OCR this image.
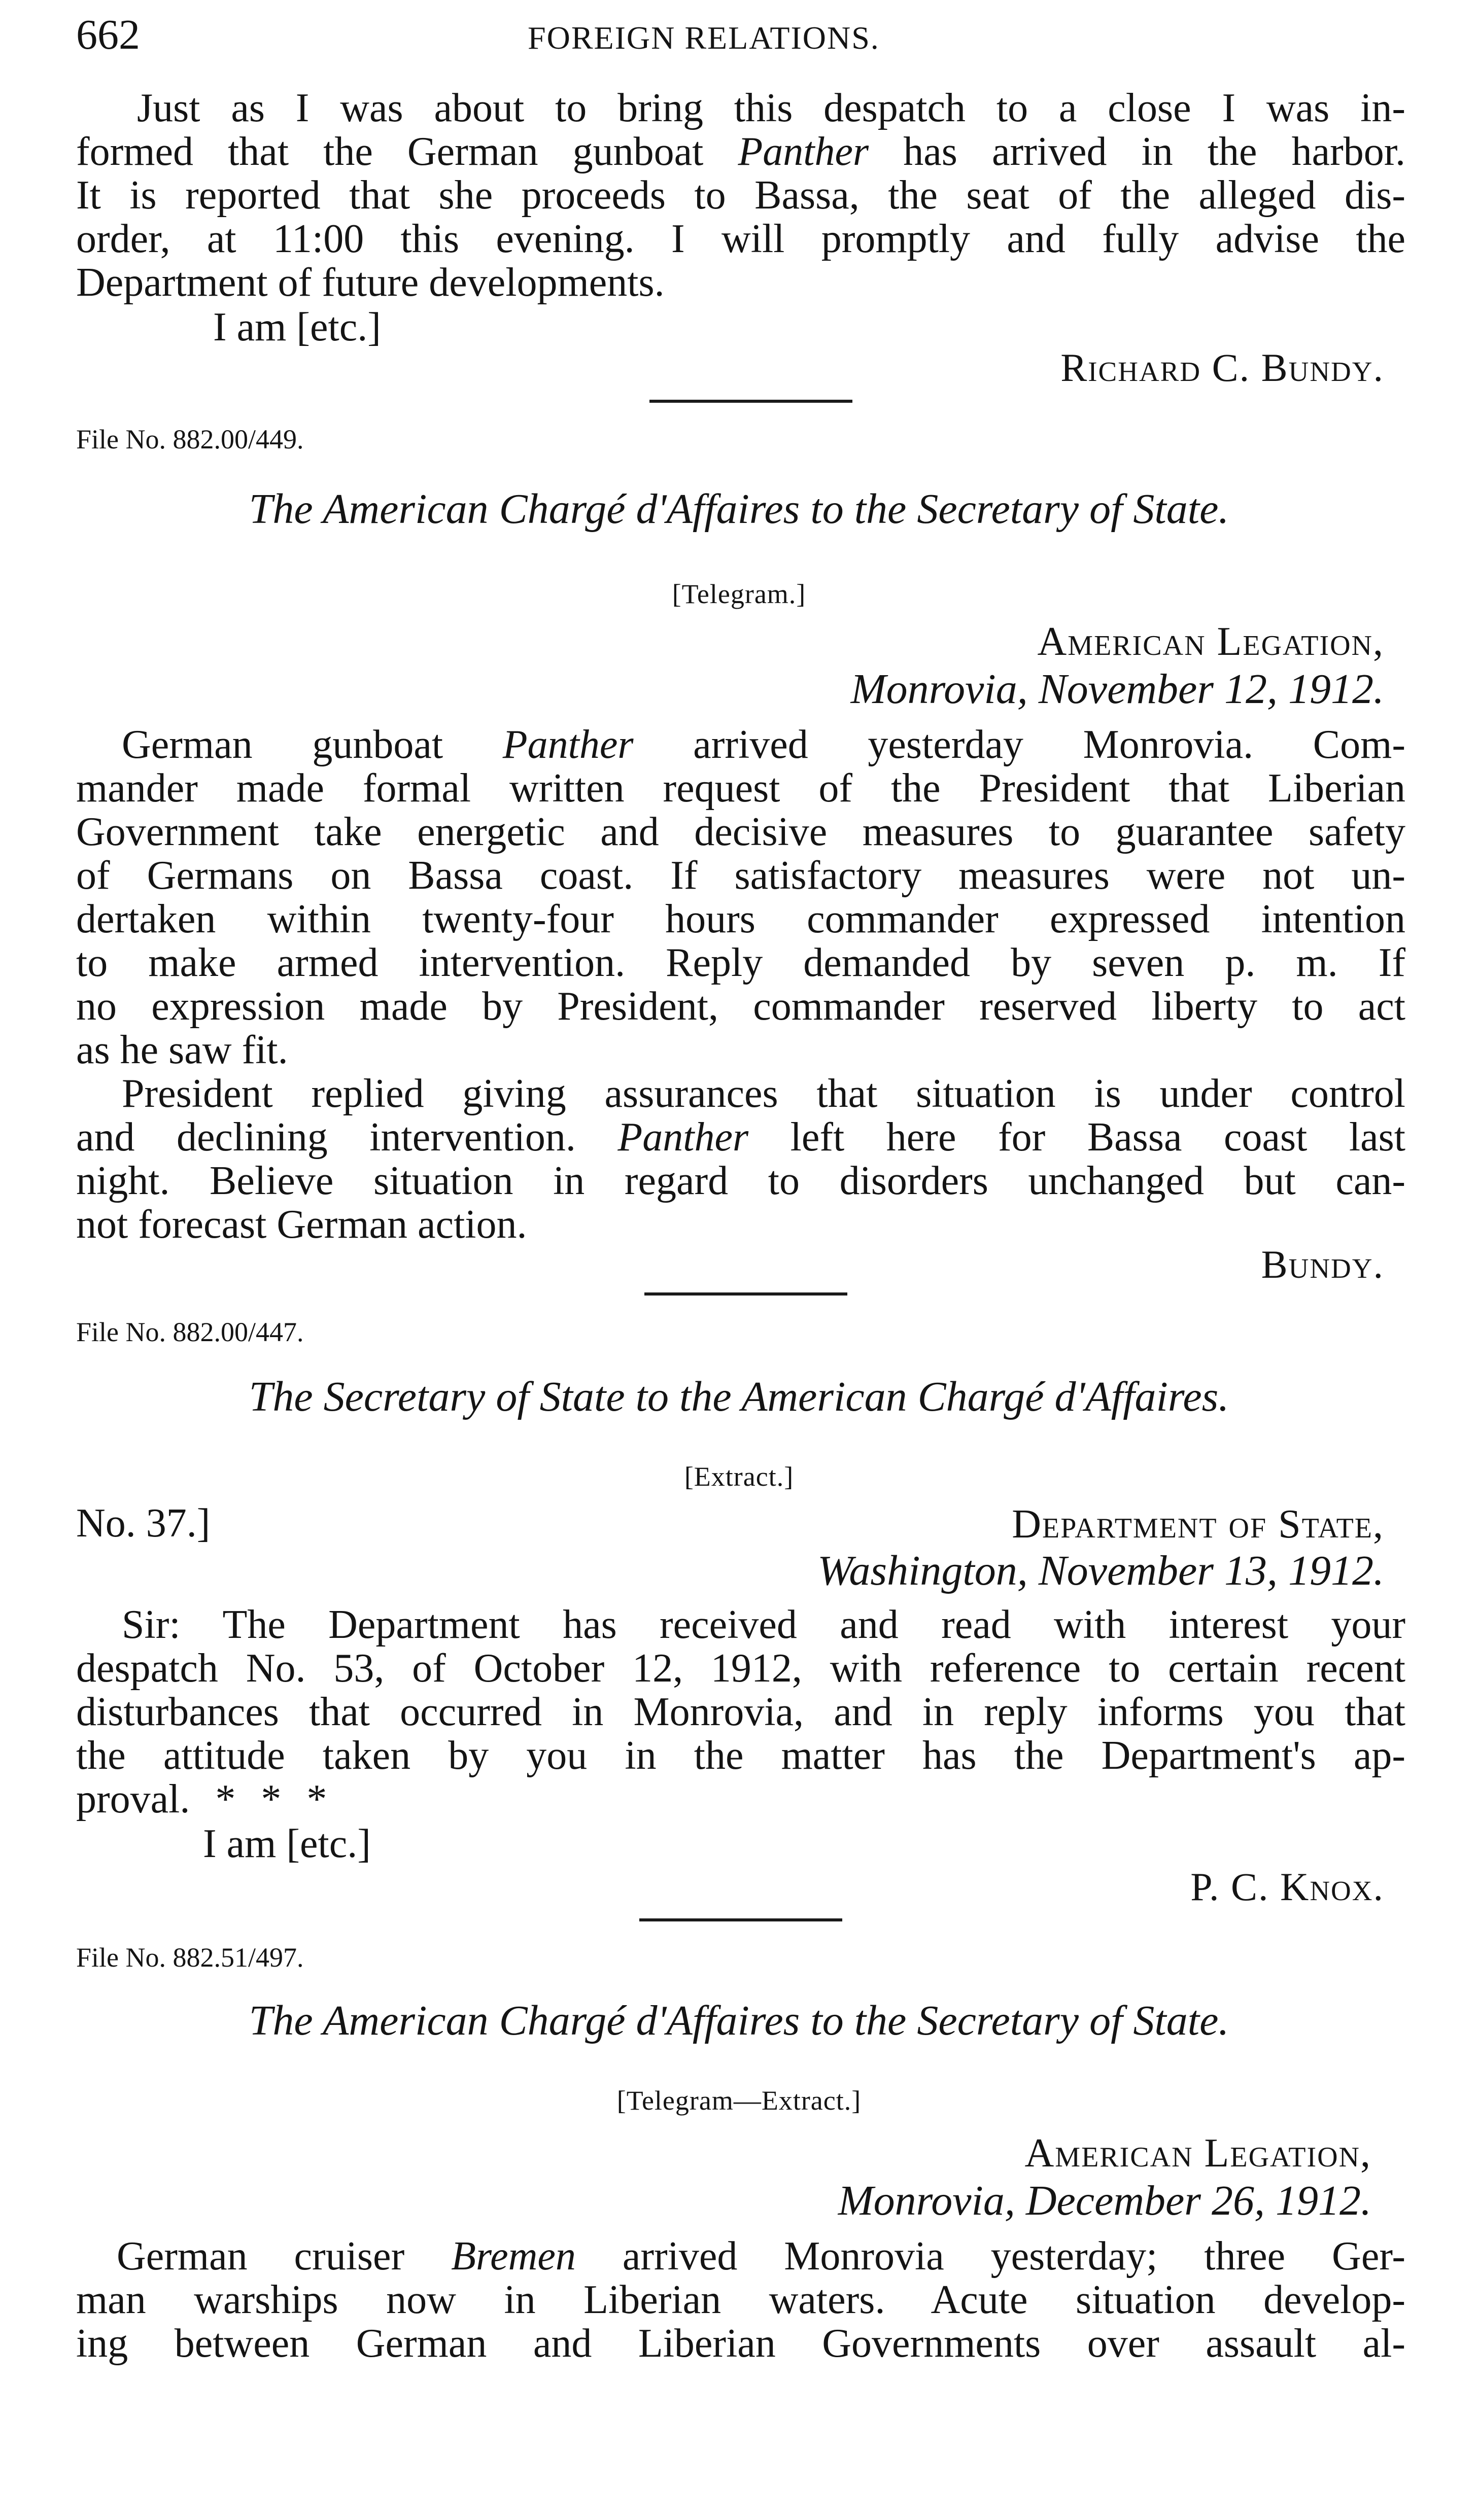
662	FOREIGN RELATIONS.
Just as I was about to bring this despatch to a close I was in-
formed that the German gunboat Panther has arrived in the harbor.
It is reported that she proceeds to Bassa, the seat of the alleged dis-
order, at 11:00 this evening. I will promptly and fully advise the
Department of future developments.
I am [etc.]
Richard C. Bundy.
File No. 882.00/449.
The American Chargé d'Affaires to the Secretary of State.
[Telegram.]
American Legation,
Monrovia, November 12, 1912.
German gunboat Panther arrived yesterday Monrovia. Com-
mander made formal written request of the President that Liberian
Government take energetic and decisive measures to guarantee safety
of Germans on Bassa coast. If satisfactory measures were not un-
dertaken within twenty-four hours commander expressed intention
to make armed intervention. Reply demanded by seven p. m. If
no expression made by President, commander reserved liberty to act
as he saw fit.
President replied giving assurances that situation is under control
and declining intervention. Panther left here for Bassa coast last
night. Believe situation in regard to disorders unchanged but can-
not forecast German action.
Bundy.
File No. 882.00/447.
The Secretary of State to the American Chargé d'Affaires.
[Extract.]
No. 37.]	Department of State,
Washington, November 13, 1912.
Sir: The Department has received and read with interest your
despatch No. 53, of October 12, 1912, with reference to certain recent
disturbances that occurred in Monrovia, and in reply informs you that
the attitude taken by you in the matter has the Department's ap-
proval. * * *
I am [etc.]
P. C. Knox.
File No. 882.51/497.
The American Chargé d'Affaires to the Secretary of State.
[Telegram—Extract.]
American Legation,
Monrovia, December 26, 1912.
German cruiser Bremen arrived Monrovia yesterday; three Ger-
man warships now in Liberian waters. Acute situation develop-
ing between German and Liberian Governments over assault al-
